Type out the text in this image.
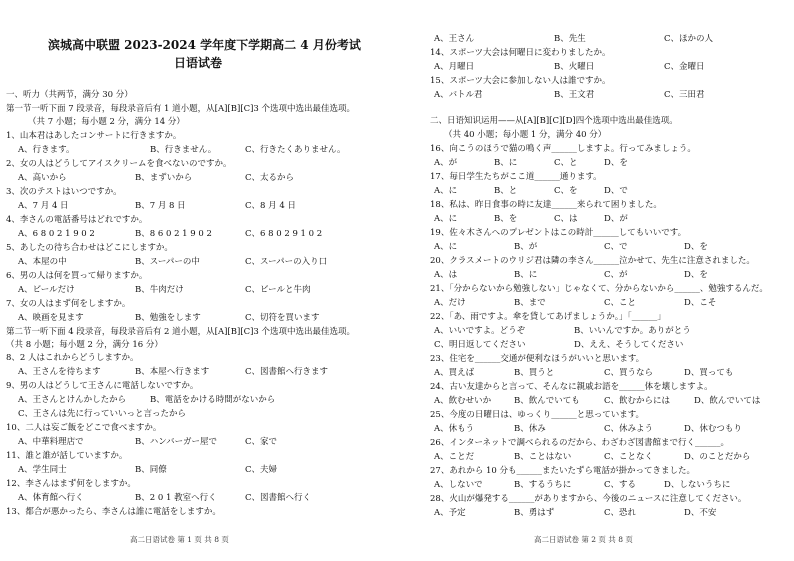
滨城高中联盟 2023-2024 学年度下学期高二 4 月份考试
日语试卷
一、听力（共两节，满分 30 分）
第一节一听下面 7 段录音，每段录音后有 1 道小题，从[A][B][C]3 个选项中选出最佳选项。
（共 7 小题；每小题 2 分，满分 14 分）
1、山本君はあしたコンサートに行きますか。
A、行きます。	B、行きません。	C、行きたくありません。
2、女の人はどうしてアイスクリームを食べないのですか。
A、高いから	B、まずいから	C、太るから
3、次のテストはいつですか。
A、7 月 4 日	B、7 月 8 日	C、8 月 4 日
4、李さんの電話番号はどれですか。
A、6 8 0 2 1 9 0 2	B、8 6 0 2 1 9 0 2	C、6 8 0 2 9 1 0 2
5、あしたの待ち合わせはどこにしますか。
A、本屋の中	B、スーパーの中	C、スーパーの入り口
6、男の人は何を買って帰りますか。
A、ビールだけ	B、牛肉だけ	C、ビールと牛肉
7、女の人はまず何をしますか。
A、映画を見ます	B、勉強をします	C、切符を買います
第二节一听下面 4 段录音，每段录音后有 2 道小题，从[A][B][C]3 个选项中选出最佳选项。
（共 8 小题；每小题 2 分，满分 16 分）
8、2 人はこれからどうしますか。
A、王さんを待ちます	B、本屋へ行きます	C、図書館へ行きます
9、男の人はどうして王さんに電話しないですか。
A、王さんとけんかしたから	B、電話をかける時間がないから
C、王さんは先に行っていいっと言ったから
10、二人は妄ご飯をどこで食べますか。
A、中華料理店で	B、ハンバーガー屋で	C、家で
11、誰と誰が話していますか。
A、学生同士	B、同僚	C、夫婦
12、李さんはまず何をしますか。
A、体育館へ行く	B、2 0 1 教室へ行く	C、図書館へ行く
13、都合が悪かったら、李さんは誰に電話をしますか。
高二日语试卷 第 1 页 共 8 页
A、王さん	B、先生	C、ほかの人
14、スポーツ大会は何曜日に変わりましたか。
A、月曜日	B、火曜日	C、金曜日
15、スポーツ大会に参加しない人は誰ですか。
A、バトル君	B、王文君	C、三田君
二、日语知识运用——从[A][B][C][D]四个选项中选出最佳选项。
（共 40 小题；每小题 1 分，满分 40 分）
16、向こうのほうで猫の鳴く声______しますよ。行ってみましょう。
A、が	B、に	C、と	D、を
17、毎日学生たちがここ道______通ります。
A、に	B、と	C、を	D、で
18、私は、昨日食事の時に友達______来られて困りました。
A、に	B、を	C、は	D、が
19、佐々木さんへのプレゼントはこの時計______してもいいです。
A、に	B、が	C、で	D、を
20、クラスメートのウリジ君は隣の李さん______泣かせて、先生に注意されました。
A、は	B、に	C、が	D、を
21、「分からないから勉強しない」じゃなくて、分からないから______、勉強するんだ。
A、だけ	B、まで	C、こと	D、こそ
22、「あ、雨ですよ。傘を貸してあげましょうか。」「______」
A、いいですよ。どうぞ	B、いいんですか。ありがとう
C、明日返してください	D、ええ、そうしてください
23、住宅を______交通が便利なほうがいいと思います。
A、買えば	B、買うと	C、買うなら	D、買っても
24、古い友達からと言って、そんなに親戚お語を______体を壊しますよ。
A、飲むせいか	B、飲んでいても	C、飲むからには	D、飲んでいては
25、今度の日曜日は、ゆっくり______と思っています。
A、休もう	B、休み	C、休みよう	D、休むつもり
26、インターネットで調べられるのだから、わざわざ図書館まで行く______。
A、ことだ	B、ことはない	C、ことなく	D、のことだから
27、あれから 10 分も______またいたずら電話が掛かってきました。
A、しないで	B、するうちに	C、する	D、しないうちに
28、火山が爆発する______がありますから、今後のニュースに注意してください。
A、予定	B、勇はず	C、恐れ	D、不安
高二日语试卷 第 2 页 共 8 页
